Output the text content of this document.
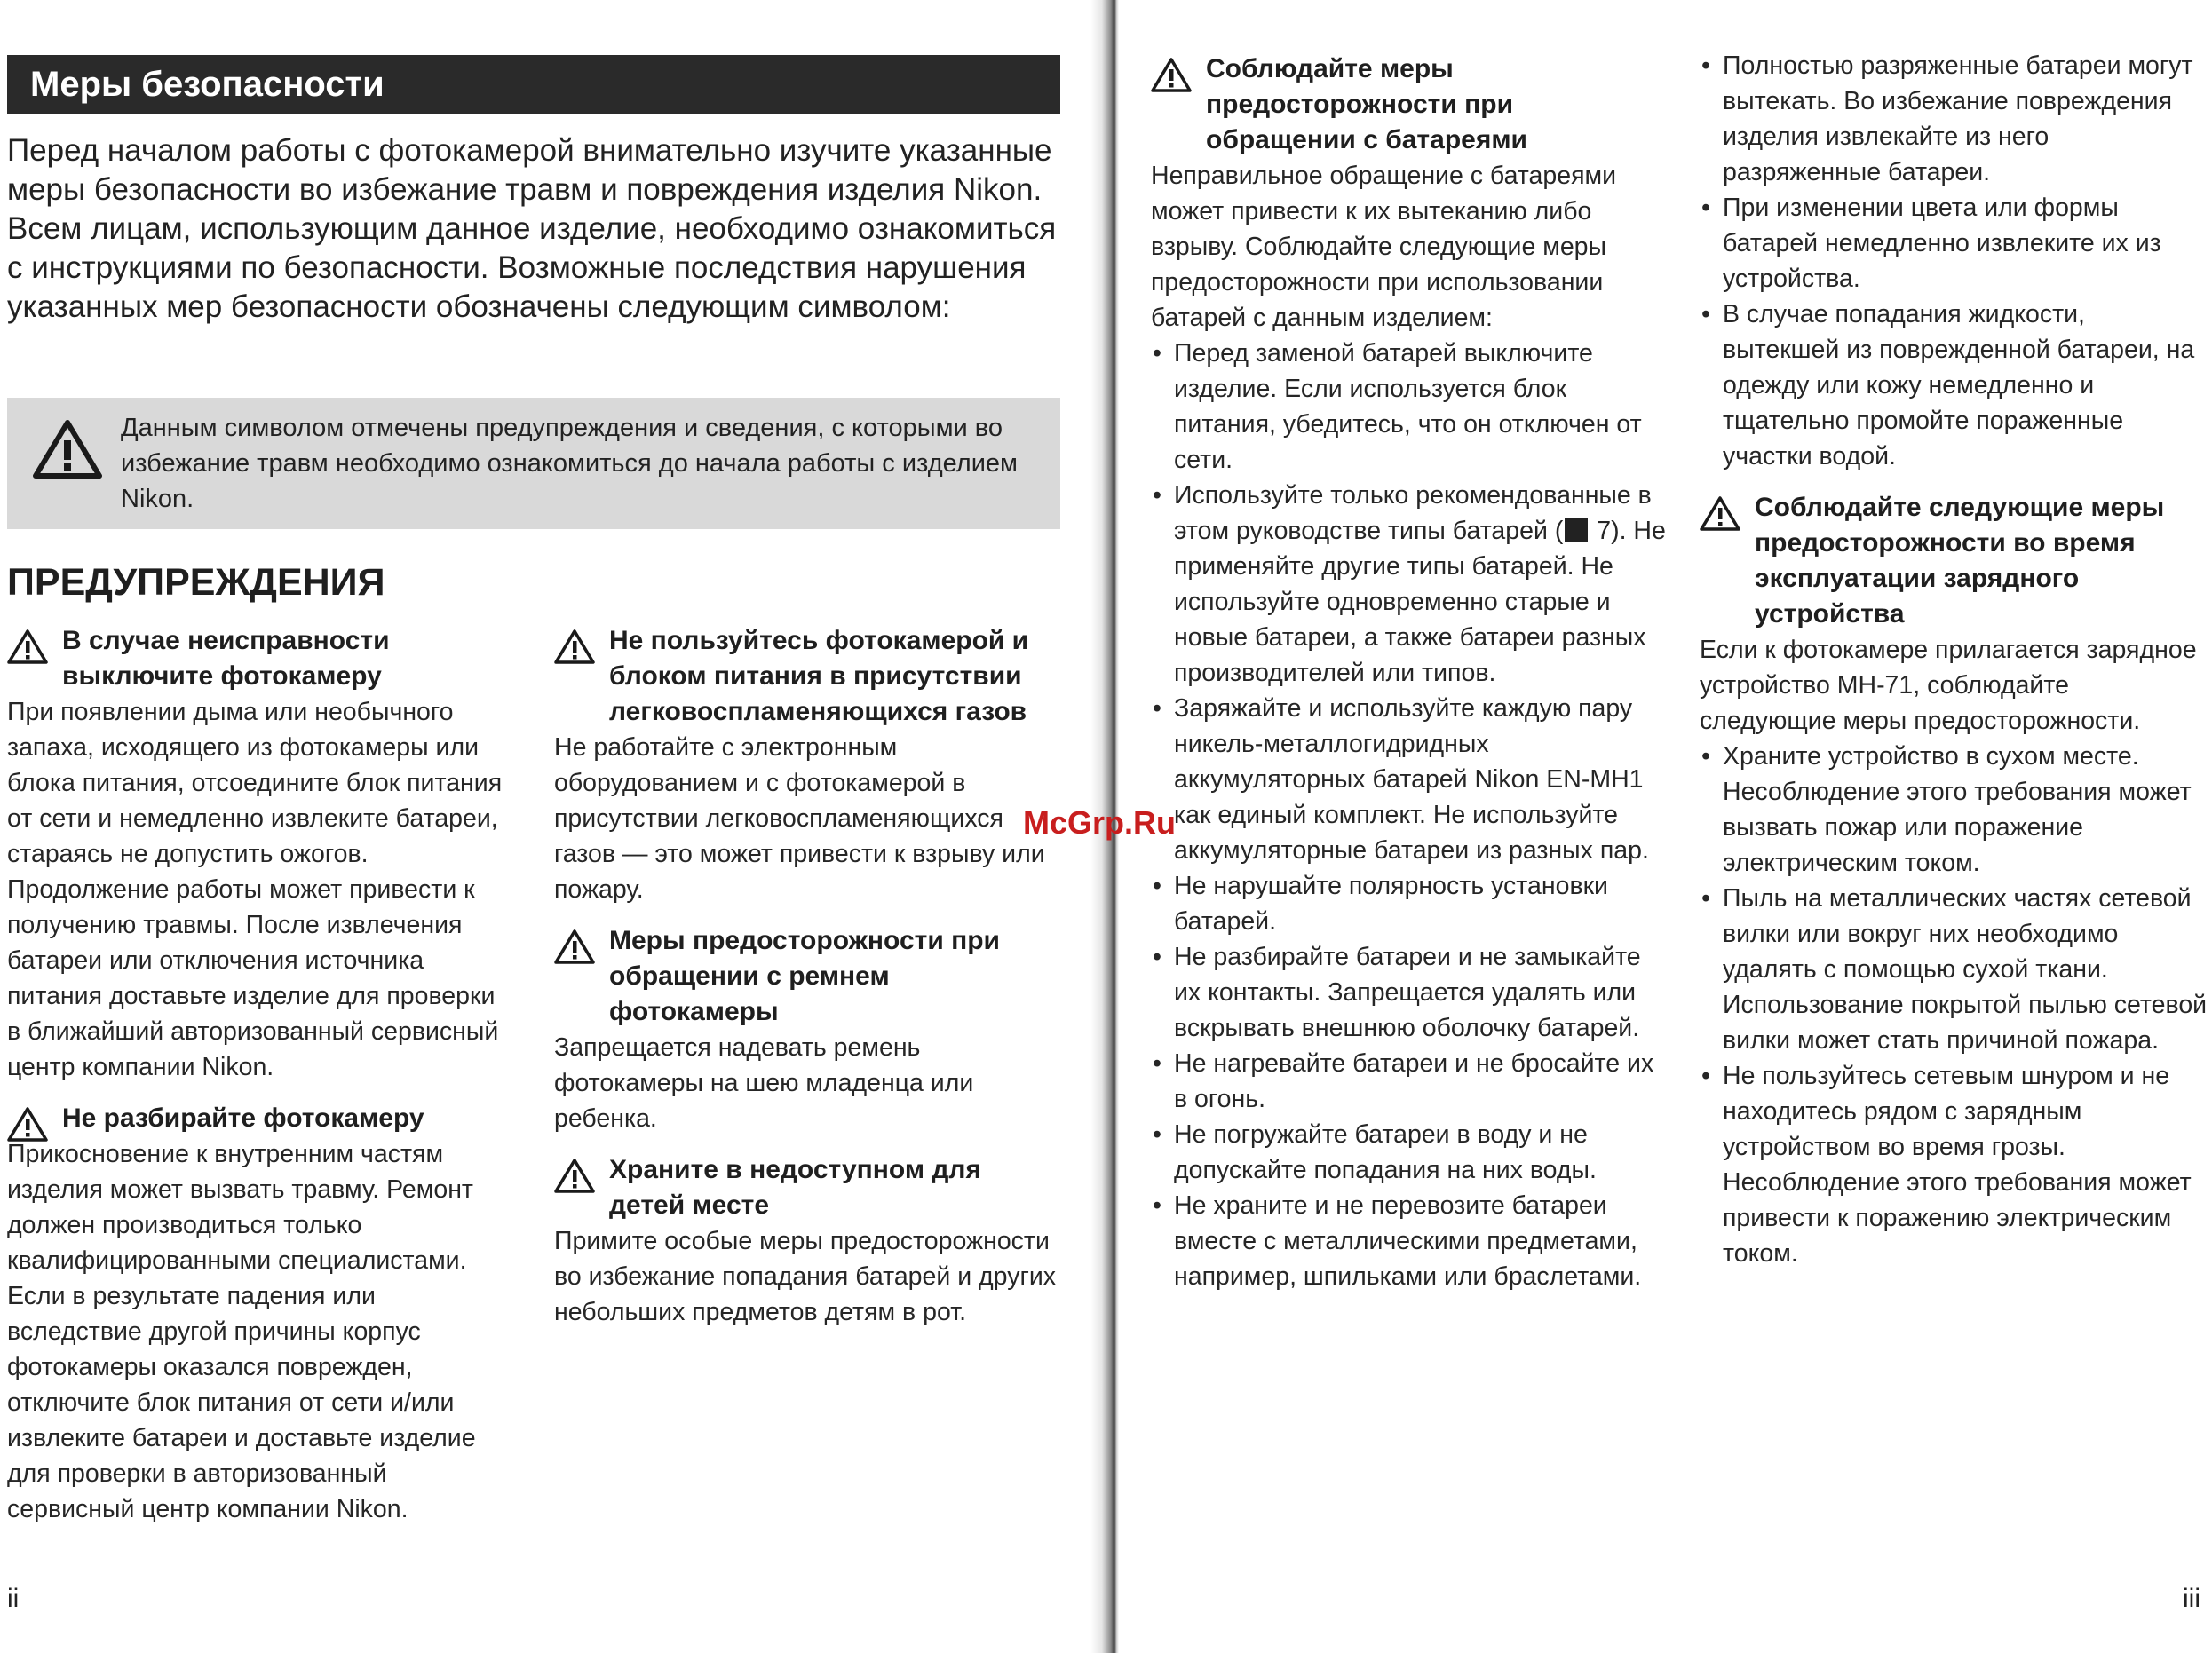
Меры безопасности
Перед началом работы с фотокамерой внимательно изучите указанные меры безопасности во избежание травм и повреждения изделия Nikon. Всем лицам, использующим данное изделие, необходимо ознакомиться с инструкциями по безопасности. Возможные последствия нарушения указанных мер безопасности обозначены следующим символом:
Данным символом отмечены предупреждения и сведения, с которыми во избежание травм необходимо ознакомиться до начала работы с изделием Nikon.
ПРЕДУПРЕЖДЕНИЯ
В случае неисправности выключите фотокамеру
При появлении дыма или необычного запаха, исходящего из фотокамеры или блока питания, отсоедините блок питания от сети и немедленно извлеките батареи, стараясь не допустить ожогов. Продолжение работы может привести к получению травмы. После извлечения батареи или отключения источника питания доставьте изделие для проверки в ближайший авторизованный сервисный центр компании Nikon.
Не разбирайте фотокамеру
Прикосновение к внутренним частям изделия может вызвать травму. Ремонт должен производиться только квалифицированными специалистами. Если в результате падения или вследствие другой причины корпус фотокамеры оказался поврежден, отключите блок питания от сети и/или извлеките батареи и доставьте изделие для проверки в авторизованный сервисный центр компании Nikon.
Не пользуйтесь фотокамерой и блоком питания в присутствии легковоспламеняющихся газов
Не работайте с электронным оборудованием и с фотокамерой в присутствии легковоспламеняющихся газов — это может привести к взрыву или пожару.
Меры предосторожности при обращении с ремнем фотокамеры
Запрещается надевать ремень фотокамеры на шею младенца или ребенка.
Храните в недоступном для детей месте
Примите особые меры предосторожности во избежание попадания батарей и других небольших предметов детям в рот.
ii
Соблюдайте меры предосторожности при обращении с батареями
Неправильное обращение с батареями может привести к их вытеканию либо взрыву. Соблюдайте следующие меры предосторожности при использовании батарей с данным изделием:
• Перед заменой батарей выключите изделие. Если используется блок питания, убедитесь, что он отключен от сети.
• Используйте только рекомендованные в этом руководстве типы батарей ( 7). Не применяйте другие типы батарей. Не используйте одновременно старые и новые батареи, а также батареи разных производителей или типов.
• Заряжайте и используйте каждую пару никель-металлогидридных аккумуляторных батарей Nikon EN-MH1 как единый комплект. Не используйте аккумуляторные батареи из разных пар.
• Не нарушайте полярность установки батарей.
• Не разбирайте батареи и не замыкайте их контакты. Запрещается удалять или вскрывать внешнюю оболочку батарей.
• Не нагревайте батареи и не бросайте их в огонь.
• Не погружайте батареи в воду и не допускайте попадания на них воды.
• Не храните и не перевозите батареи вместе с металлическими предметами, например, шпильками или браслетами.
• Полностью разряженные батареи могут вытекать. Во избежание повреждения изделия извлекайте из него разряженные батареи.
• При изменении цвета или формы батарей немедленно извлеките их из устройства.
• В случае попадания жидкости, вытекшей из поврежденной батареи, на одежду или кожу немедленно и тщательно промойте пораженные участки водой.
Соблюдайте следующие меры предосторожности во время эксплуатации зарядного устройства
Если к фотокамере прилагается зарядное устройство MH-71, соблюдайте следующие меры предосторожности.
• Храните устройство в сухом месте. Несоблюдение этого требования может вызвать пожар или поражение электрическим током.
• Пыль на металлических частях сетевой вилки или вокруг них необходимо удалять с помощью сухой ткани. Использование покрытой пылью сетевой вилки может стать причиной пожара.
• Не пользуйтесь сетевым шнуром и не находитесь рядом с зарядным устройством во время грозы. Несоблюдение этого требования может привести к поражению электрическим током.
iii
McGrp.Ru
